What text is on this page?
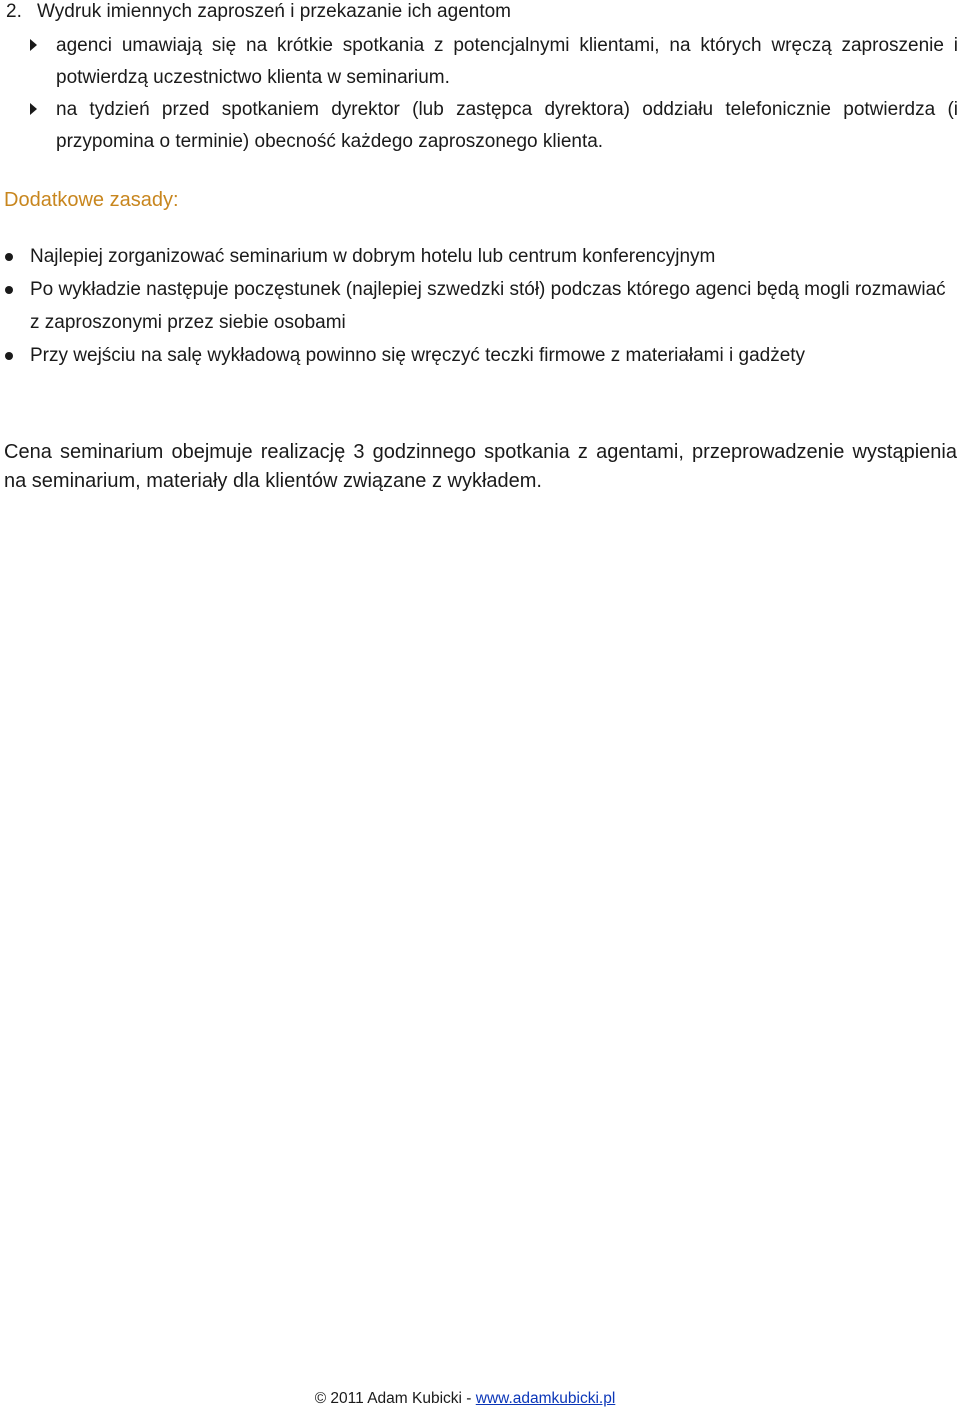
2. Wydruk imiennych zaproszeń i przekazanie ich agentom
agenci umawiają się na krótkie spotkania z potencjalnymi klientami, na których wręczą zaproszenie i potwierdzą uczestnictwo klienta w seminarium.
na tydzień przed spotkaniem dyrektor (lub zastępca dyrektora) oddziału telefonicznie potwierdza (i przypomina o terminie) obecność każdego zaproszonego klienta.
Dodatkowe zasady:
Najlepiej zorganizować seminarium w dobrym hotelu lub centrum konferencyjnym
Po wykładzie następuje poczęstunek (najlepiej szwedzki stół) podczas którego agenci będą mogli rozmawiać z zaproszonymi przez siebie osobami
Przy wejściu na salę wykładową powinno się wręczyć teczki firmowe z materiałami i gadżety

Cena seminarium obejmuje realizację 3 godzinnego spotkania z agentami, przeprowadzenie wystąpienia na seminarium, materiały dla klientów związane z wykładem.

© 2011 Adam Kubicki - www.adamkubicki.pl
